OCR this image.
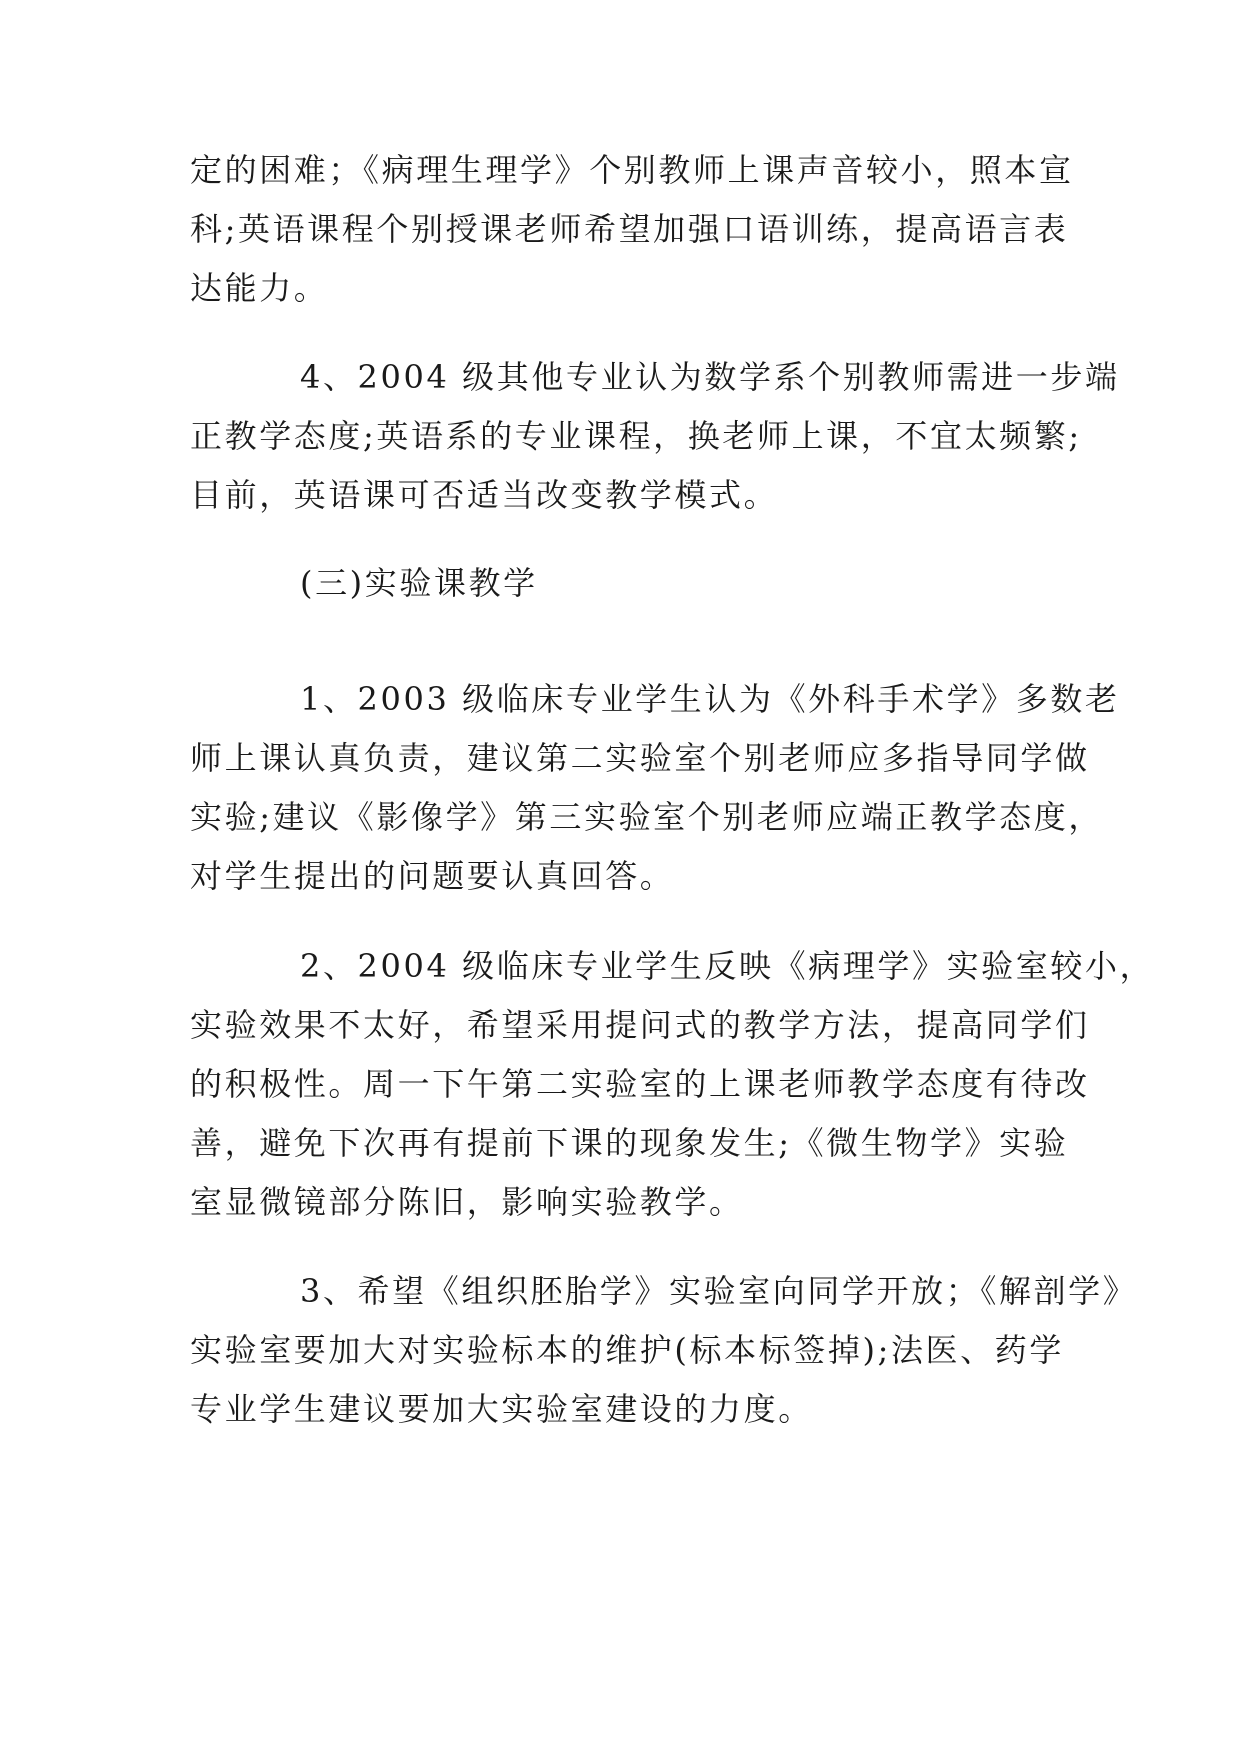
定的困难；《病理生理学》个别教师上课声音较小，照本宣
科;英语课程个别授课老师希望加强口语训练，提高语言表
达能力。
4、2004 级其他专业认为数学系个别教师需进一步端
正教学态度;英语系的专业课程，换老师上课，不宜太频繁;
目前，英语课可否适当改变教学模式。
(三)实验课教学
1、2003 级临床专业学生认为《外科手术学》多数老
师上课认真负责，建议第二实验室个别老师应多指导同学做
实验;建议《影像学》第三实验室个别老师应端正教学态度，
对学生提出的问题要认真回答。
2、2004 级临床专业学生反映《病理学》实验室较小，
实验效果不太好，希望采用提问式的教学方法，提高同学们
的积极性。周一下午第二实验室的上课老师教学态度有待改
善，避免下次再有提前下课的现象发生;《微生物学》实验
室显微镜部分陈旧，影响实验教学。
3、希望《组织胚胎学》实验室向同学开放；《解剖学》
实验室要加大对实验标本的维护(标本标签掉);法医、药学
专业学生建议要加大实验室建设的力度。
